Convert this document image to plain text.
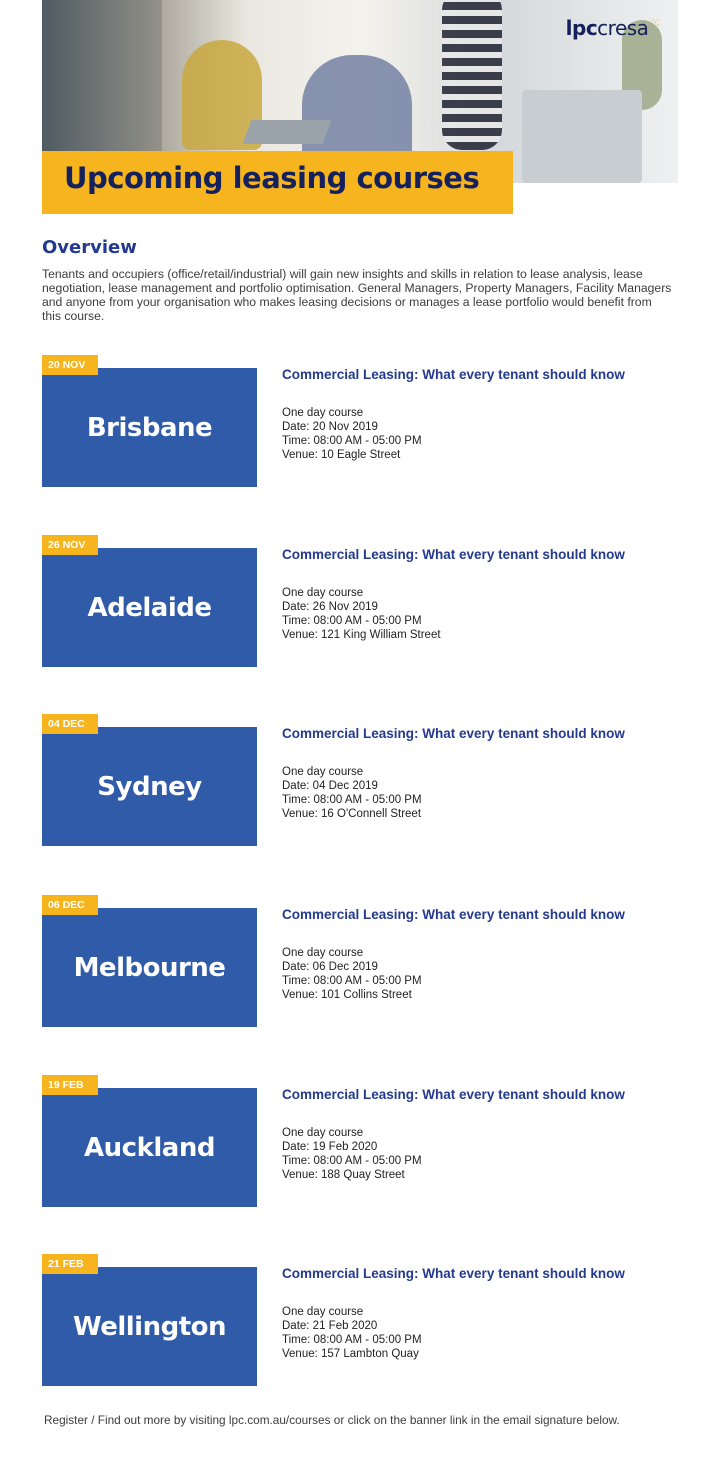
lpccresa ⁙
Upcoming leasing courses
Overview

Tenants and occupiers (office/retail/industrial) will gain new insights and skills in relation to lease analysis, lease negotiation, lease management and portfolio optimisation. General Managers, Property Managers, Facility Managers and anyone from your organisation who makes leasing decisions or manages a lease portfolio would benefit from this course.

20 NOV
Brisbane
Commercial Leasing: What every tenant should know
One day course
Date: 20 Nov 2019
Time: 08:00 AM - 05:00 PM
Venue: 10 Eagle Street
26 NOV
Adelaide
Commercial Leasing: What every tenant should know
One day course
Date: 26 Nov 2019
Time: 08:00 AM - 05:00 PM
Venue: 121 King William Street
04 DEC
Sydney
Commercial Leasing: What every tenant should know
One day course
Date: 04 Dec 2019
Time: 08:00 AM - 05:00 PM
Venue: 16 O'Connell Street
06 DEC
Melbourne
Commercial Leasing: What every tenant should know
One day course
Date: 06 Dec 2019
Time: 08:00 AM - 05:00 PM
Venue: 101 Collins Street
19 FEB
Auckland
Commercial Leasing: What every tenant should know
One day course
Date: 19 Feb 2020
Time: 08:00 AM - 05:00 PM
Venue: 188 Quay Street
21 FEB
Wellington
Commercial Leasing: What every tenant should know
One day course
Date: 21 Feb 2020
Time: 08:00 AM - 05:00 PM
Venue: 157 Lambton Quay
Register / Find out more by visiting lpc.com.au/courses or click on the banner link in the email signature below.
